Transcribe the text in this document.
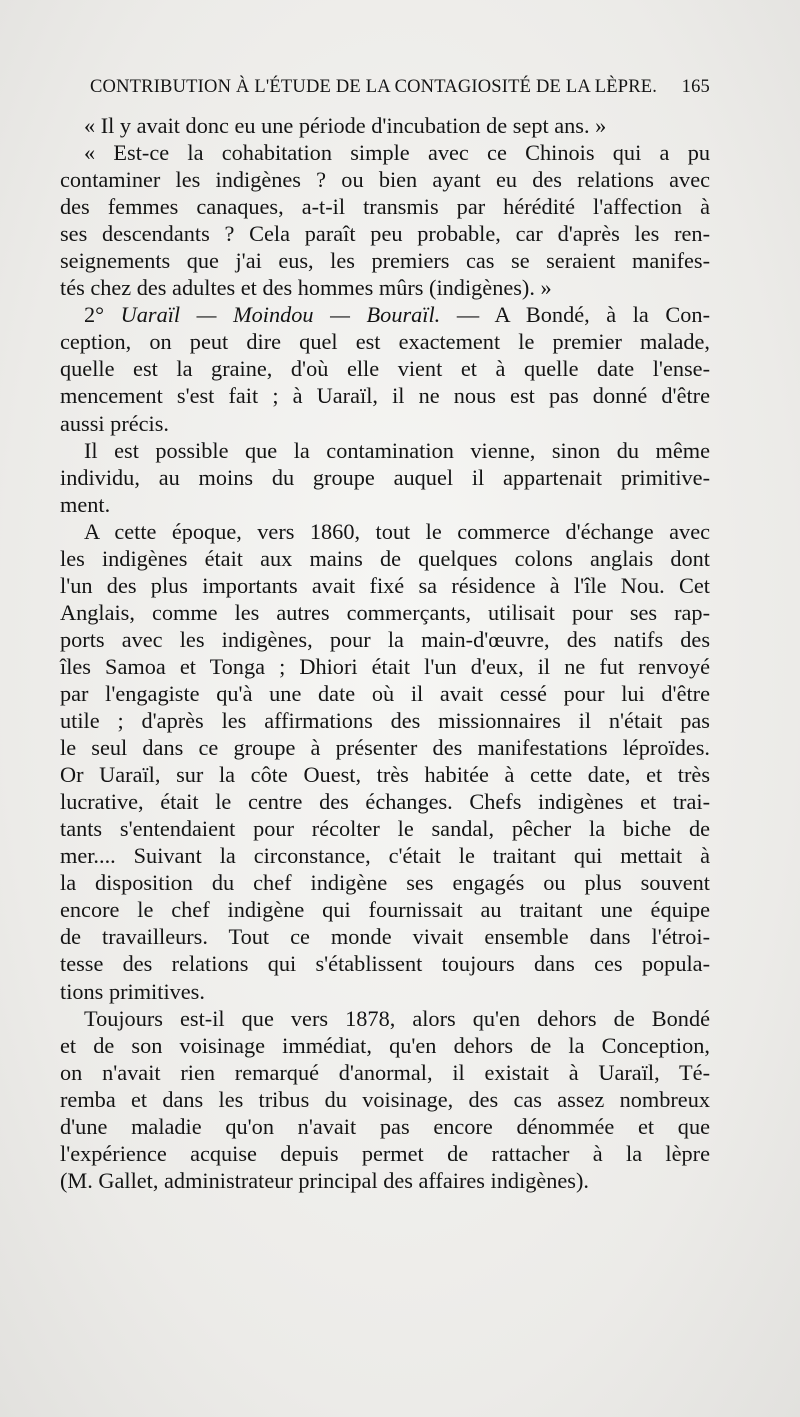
CONTRIBUTION À L'ÉTUDE DE LA CONTAGIOSITÉ DE LA LÈPRE. 165
« Il y avait donc eu une période d'incubation de sept ans. »
« Est-ce la cohabitation simple avec ce Chinois qui a pu
contaminer les indigènes ? ou bien ayant eu des relations avec
des femmes canaques, a-t-il transmis par hérédité l'affection à
ses descendants ? Cela paraît peu probable, car d'après les ren-
seignements que j'ai eus, les premiers cas se seraient manifes-
tés chez des adultes et des hommes mûrs (indigènes). »
2° Uaraïl — Moindou — Bouraïl. — A Bondé, à la Con-
ception, on peut dire quel est exactement le premier malade,
quelle est la graine, d'où elle vient et à quelle date l'ense-
mencement s'est fait ; à Uaraïl, il ne nous est pas donné d'être
aussi précis.
Il est possible que la contamination vienne, sinon du même
individu, au moins du groupe auquel il appartenait primitive-
ment.
A cette époque, vers 1860, tout le commerce d'échange avec
les indigènes était aux mains de quelques colons anglais dont
l'un des plus importants avait fixé sa résidence à l'île Nou. Cet
Anglais, comme les autres commerçants, utilisait pour ses rap-
ports avec les indigènes, pour la main-d'œuvre, des natifs des
îles Samoa et Tonga ; Dhiori était l'un d'eux, il ne fut renvoyé
par l'engagiste qu'à une date où il avait cessé pour lui d'être
utile ; d'après les affirmations des missionnaires il n'était pas
le seul dans ce groupe à présenter des manifestations léproïdes.
Or Uaraïl, sur la côte Ouest, très habitée à cette date, et très
lucrative, était le centre des échanges. Chefs indigènes et trai-
tants s'entendaient pour récolter le sandal, pêcher la biche de
mer.... Suivant la circonstance, c'était le traitant qui mettait à
la disposition du chef indigène ses engagés ou plus souvent
encore le chef indigène qui fournissait au traitant une équipe
de travailleurs. Tout ce monde vivait ensemble dans l'étroi-
tesse des relations qui s'établissent toujours dans ces popula-
tions primitives.
Toujours est-il que vers 1878, alors qu'en dehors de Bondé
et de son voisinage immédiat, qu'en dehors de la Conception,
on n'avait rien remarqué d'anormal, il existait à Uaraïl, Té-
remba et dans les tribus du voisinage, des cas assez nombreux
d'une maladie qu'on n'avait pas encore dénommée et que
l'expérience acquise depuis permet de rattacher à la lèpre
(M. Gallet, administrateur principal des affaires indigènes).
